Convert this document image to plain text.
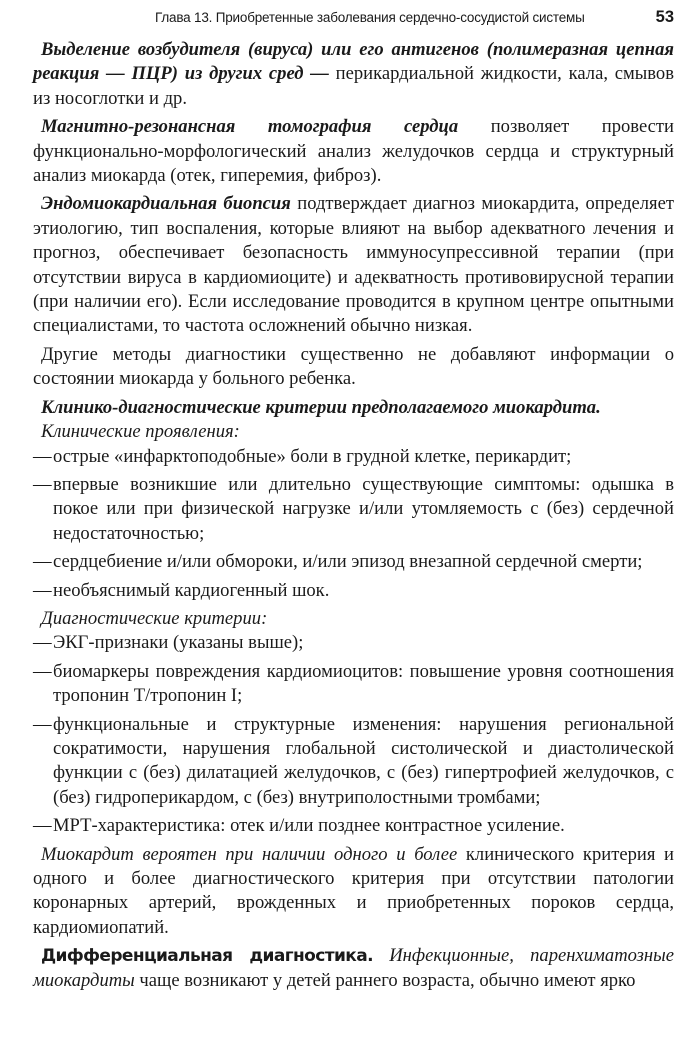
Глава 13. Приобретенные заболевания сердечно-сосудистой системы	53

Выделение возбудителя (вируса) или его антигенов (полимеразная цепная реакция — ПЦР) из других сред — перикардиальной жидкости, кала, смывов из носоглотки и др.

Магнитно-резонансная томография сердца позволяет провести функционально-морфологический анализ желудочков сердца и структурный анализ миокарда (отек, гиперемия, фиброз).

Эндомиокардиальная биопсия подтверждает диагноз миокардита, определяет этиологию, тип воспаления, которые влияют на выбор адекватного лечения и прогноз, обеспечивает безопасность иммуносупрессивной терапии (при отсутствии вируса в кардиомиоците) и адекватность противовирусной терапии (при наличии его). Если исследование проводится в крупном центре опытными специалистами, то частота осложнений обычно низкая.

Другие методы диагностики существенно не добавляют информации о состоянии миокарда у больного ребенка.

Клинико-диагностические критерии предполагаемого миокардита.

Клинические проявления:

— острые «инфарктоподобные» боли в грудной клетке, перикардит;
— впервые возникшие или длительно существующие симптомы: одышка в покое или при физической нагрузке и/или утомляемость с (без) сердечной недостаточностью;
— сердцебиение и/или обмороки, и/или эпизод внезапной сердечной смерти;
— необъяснимый кардиогенный шок.

Диагностические критерии:

— ЭКГ-признаки (указаны выше);
— биомаркеры повреждения кардиомиоцитов: повышение уровня соотношения тропонин T/тропонин I;
— функциональные и структурные изменения: нарушения региональной сократимости, нарушения глобальной систолической и диастолической функции с (без) дилатацией желудочков, с (без) гипертрофией желудочков, с (без) гидроперикардом, с (без) внутриполостными тромбами;
— МРТ-характеристика: отек и/или позднее контрастное усиление.

Миокардит вероятен при наличии одного и более клинического критерия и одного и более диагностического критерия при отсутствии патологии коронарных артерий, врожденных и приобретенных пороков сердца, кардиомиопатий.

Дифференциальная диагностика. Инфекционные, паренхиматозные миокардиты чаще возникают у детей раннего возраста, обычно имеют ярко
